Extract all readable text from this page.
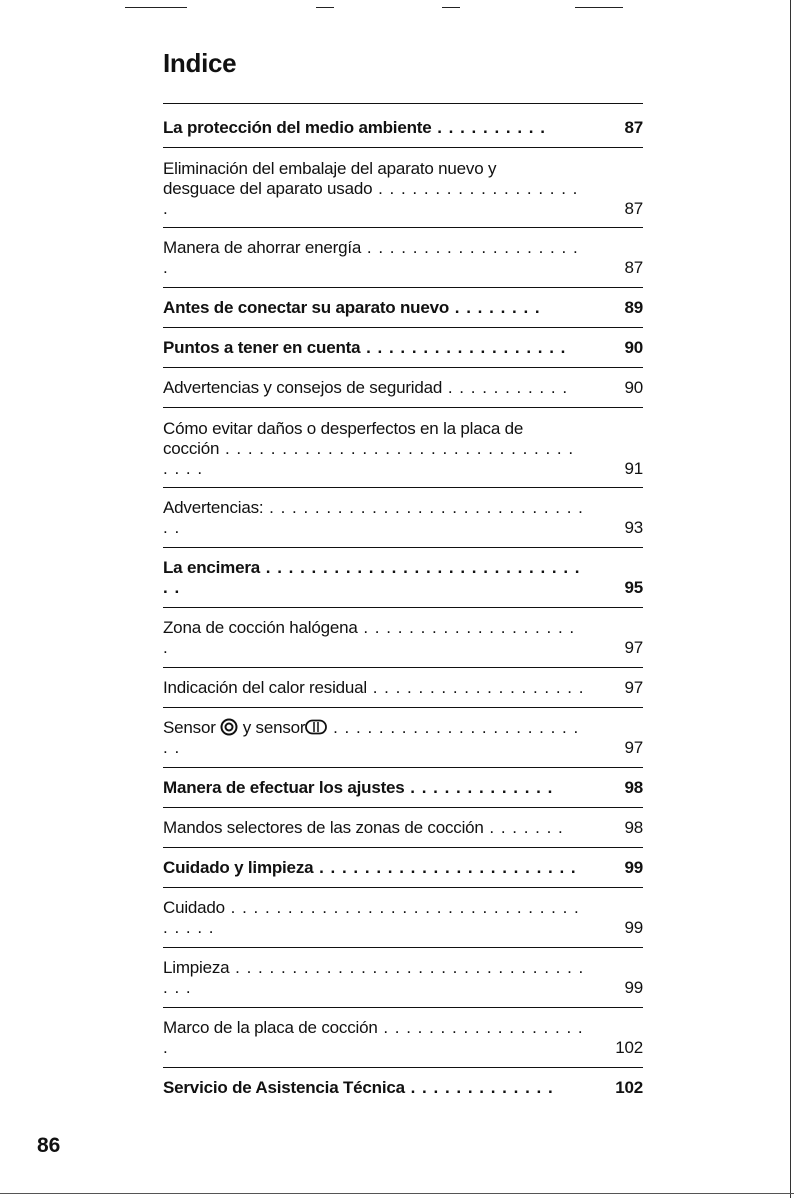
Indice
La protección del medio ambiente . . . . . . . . . .	87
Eliminación del embalaje del aparato nuevo y
desguace del aparato usado . . . . . . . . . . . . . . . . . . .	87
Manera de ahorrar energía . . . . . . . . . . . . . . . . . . . .	87
Antes de conectar su aparato nuevo . . . . . . . .	89
Puntos a tener en cuenta . . . . . . . . . . . . . . . . . .	90
Advertencias y consejos de seguridad . . . . . . . . . . .	90
Cómo evitar daños o desperfectos en la placa de
cocción . . . . . . . . . . . . . . . . . . . . . . . . . . . . . . . . . . .	91
Advertencias: . . . . . . . . . . . . . . . . . . . . . . . . . . . . . .	93
La encimera . . . . . . . . . . . . . . . . . . . . . . . . . . . . . .	95
Zona de cocción halógena . . . . . . . . . . . . . . . . . . . .	97
Indicación del calor residual . . . . . . . . . . . . . . . . . . .	97
Sensor y sensor . . . . . . . . . . . . . . . . . . . . . . . .	97
Manera de efectuar los ajustes . . . . . . . . . . . . .	98
Mandos selectores de las zonas de cocción . . . . . . .	98
Cuidado y limpieza . . . . . . . . . . . . . . . . . . . . . . .	99
Cuidado . . . . . . . . . . . . . . . . . . . . . . . . . . . . . . . . . . . .	99
Limpieza . . . . . . . . . . . . . . . . . . . . . . . . . . . . . . . . . .	99
Marco de la placa de cocción . . . . . . . . . . . . . . . . . . .	102
Servicio de Asistencia Técnica . . . . . . . . . . . . .	102
86
